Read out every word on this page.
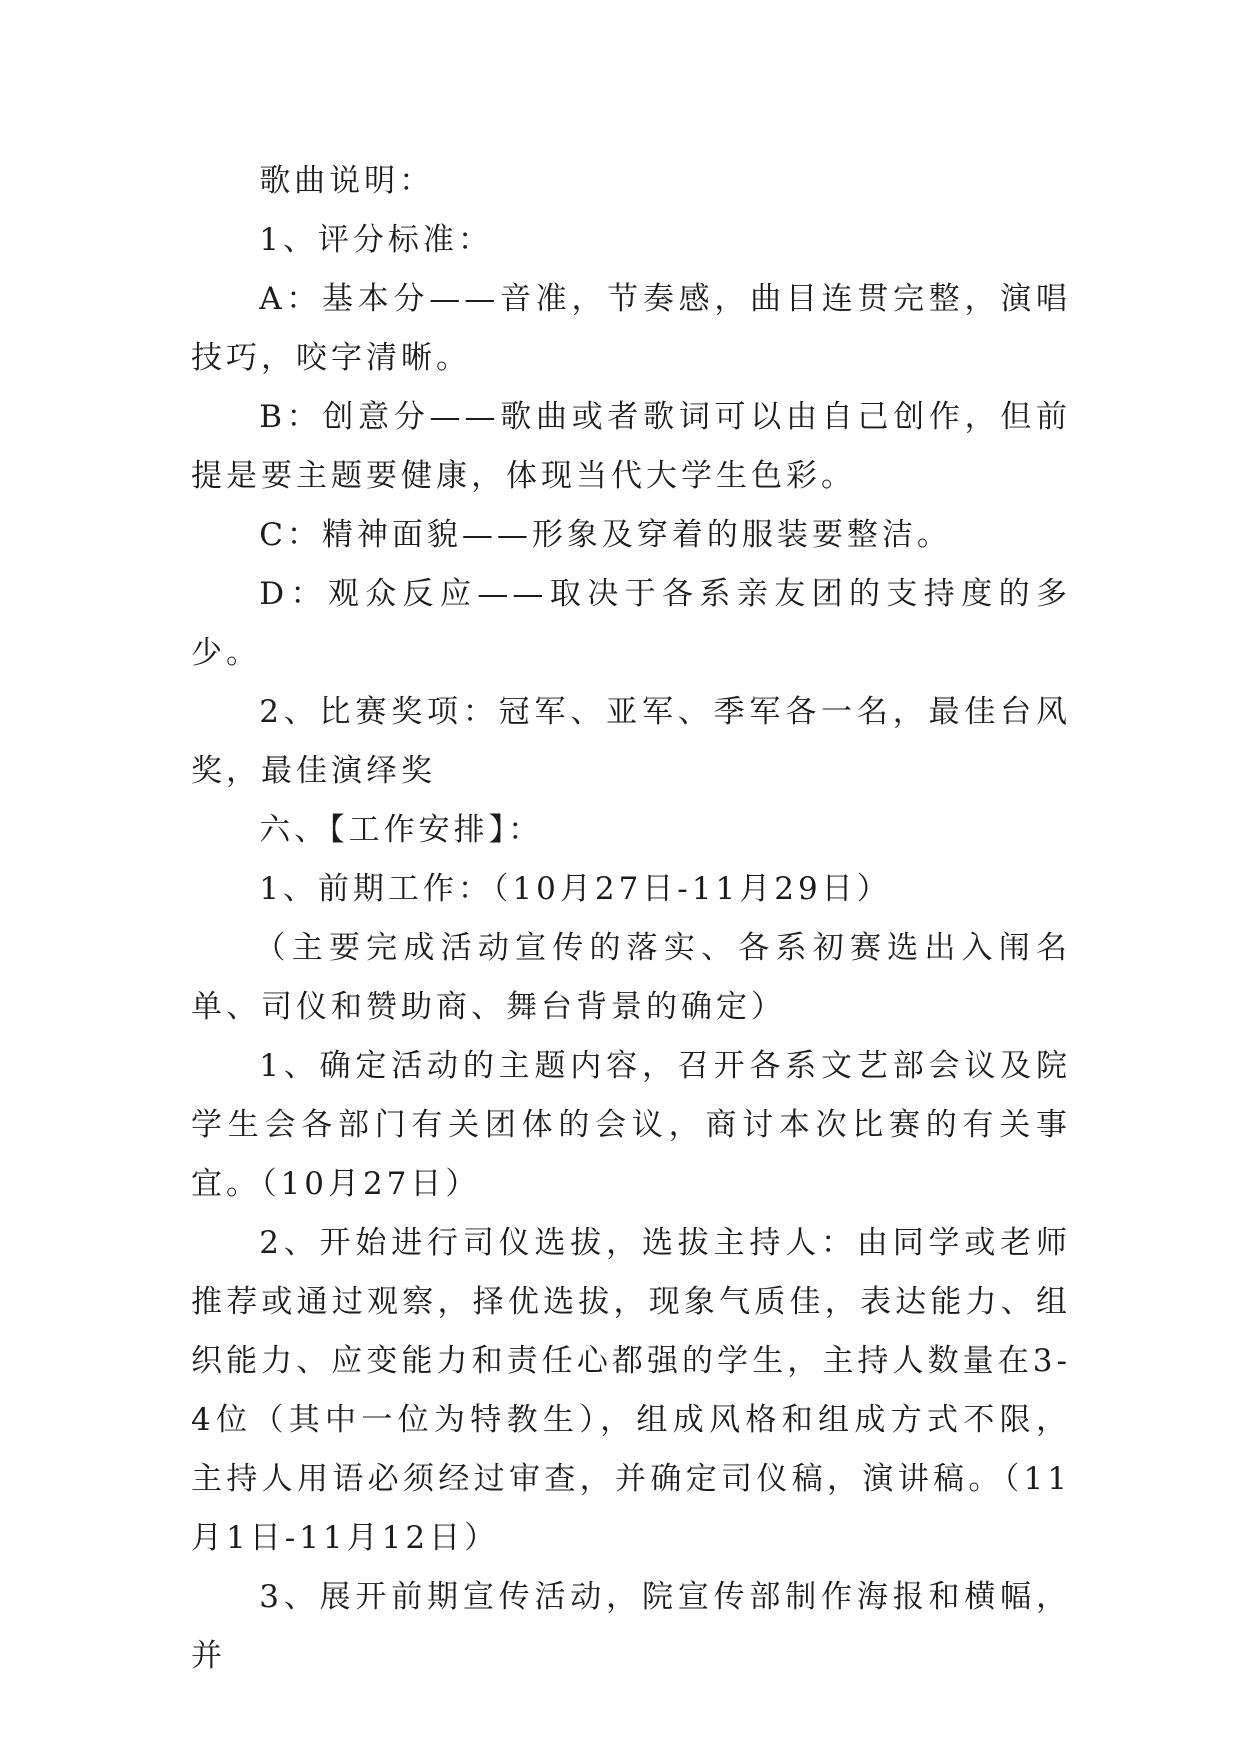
歌曲说明：

1、评分标准：

A：基本分——音准，节奏感，曲目连贯完整，演唱技巧，咬字清晰。

B：创意分——歌曲或者歌词可以由自己创作，但前提是要主题要健康，体现当代大学生色彩。

C：精神面貌——形象及穿着的服装要整洁。

D：观众反应——取决于各系亲友团的支持度的多少。

2、比赛奖项：冠军、亚军、季军各一名，最佳台风奖，最佳演绎奖

六、【工作安排】：

1、前期工作：（10月27日-11月29日）

（主要完成活动宣传的落实、各系初赛选出入闱名单、司仪和赞助商、舞台背景的确定）

1、确定活动的主题内容，召开各系文艺部会议及院学生会各部门有关团体的会议，商讨本次比赛的有关事宜。（10月27日）

2、开始进行司仪选拔，选拔主持人：由同学或老师推荐或通过观察，择优选拔，现象气质佳，表达能力、组织能力、应变能力和责任心都强的学生，主持人数量在3-4位（其中一位为特教生），组成风格和组成方式不限，主持人用语必须经过审查，并确定司仪稿，演讲稿。（11月1日-11月12日）

3、展开前期宣传活动，院宣传部制作海报和横幅，并
